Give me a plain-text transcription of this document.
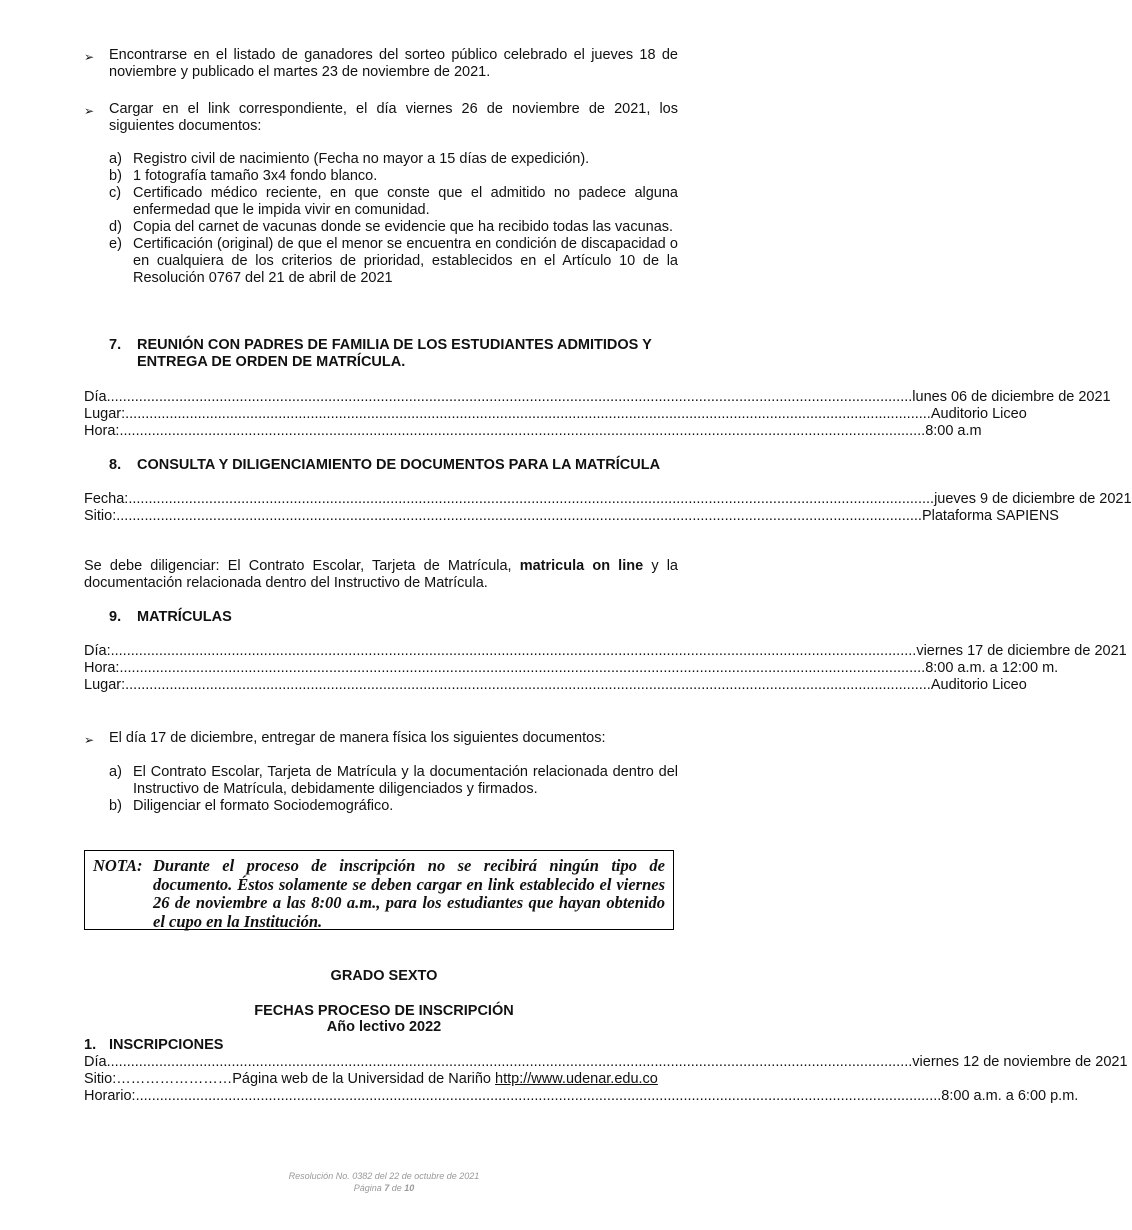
➢ Encontrarse en el listado de ganadores del sorteo público celebrado el jueves 18 de noviembre y publicado el martes 23 de noviembre de 2021.
➢ Cargar en el link correspondiente, el día viernes 26 de noviembre de 2021, los siguientes documentos:
a) Registro civil de nacimiento (Fecha no mayor a 15 días de expedición).
b) 1 fotografía tamaño 3x4 fondo blanco.
c) Certificado médico reciente, en que conste que el admitido no padece alguna enfermedad que le impida vivir en comunidad.
d) Copia del carnet de vacunas donde se evidencie que ha recibido todas las vacunas.
e) Certificación (original) de que el menor se encuentra en condición de discapacidad o en cualquiera de los criterios de prioridad, establecidos en el Artículo 10 de la Resolución 0767 del 21 de abril de 2021
7. REUNIÓN CON PADRES DE FAMILIA DE LOS ESTUDIANTES ADMITIDOS Y
ENTREGA DE ORDEN DE MATRÍCULA.
Día ........................................................................................................................................................................................................ lunes 06 de diciembre de 2021
Lugar: ........................................................................................................................................................................................................ Auditorio Liceo
Hora: ........................................................................................................................................................................................................ 8:00 a.m
8. CONSULTA Y DILIGENCIAMIENTO DE DOCUMENTOS PARA LA MATRÍCULA
Fecha: ........................................................................................................................................................................................................ jueves 9 de diciembre de 2021
Sitio: ........................................................................................................................................................................................................ Plataforma SAPIENS
Se debe diligenciar: El Contrato Escolar, Tarjeta de Matrícula, matricula on line y la documentación relacionada dentro del Instructivo de Matrícula.
9. MATRÍCULAS
Día: ........................................................................................................................................................................................................ viernes 17 de diciembre de 2021
Hora: ........................................................................................................................................................................................................ 8:00 a.m. a 12:00 m.
Lugar: ........................................................................................................................................................................................................ Auditorio Liceo
➢ El día 17 de diciembre, entregar de manera física los siguientes documentos:
a) El Contrato Escolar, Tarjeta de Matrícula y la documentación relacionada dentro del Instructivo de Matrícula, debidamente diligenciados y firmados.
b) Diligenciar el formato Sociodemográfico.
NOTA: Durante el proceso de inscripción no se recibirá ningún tipo de documento. Éstos solamente se deben cargar en link establecido el viernes 26 de noviembre a las 8:00 a.m., para los estudiantes que hayan obtenido el cupo en la Institución.
GRADO SEXTO
FECHAS PROCESO DE INSCRIPCIÓN
Año lectivo 2022
1. INSCRIPCIONES
Día ........................................................................................................................................................................................................ viernes 12 de noviembre de 2021
Sitio:……………………Página web de la Universidad de Nariño http://www.udenar.edu.co
Horario: ........................................................................................................................................................................................................ 8:00 a.m. a 6:00 p.m.
Resolución No. 0382 del 22 de octubre de 2021
Página 7 de 10
